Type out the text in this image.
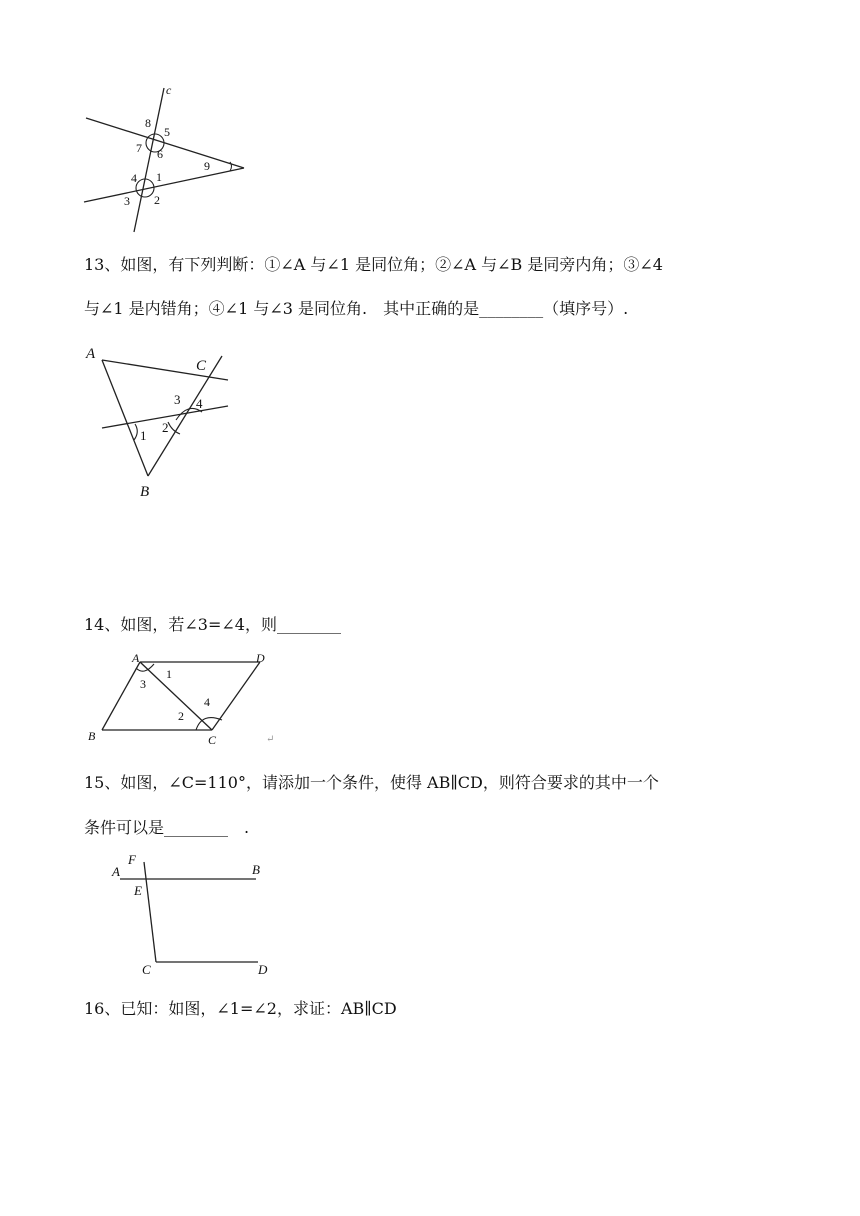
c
8
5
7 6
9
4 1
3 2
13、如图，有下列判断：①∠A 与∠1 是同位角；②∠A 与∠B 是同旁内角；③∠4
与∠1 是内错角；④∠1 与∠3 是同位角.　其中正确的是________（填序号）.
A
C
3 4
1
2
B
14、如图，若∠3=∠4，则________
A	D
3
1
4
2
B	C	↵
15、如图，∠C=110°，请添加一个条件，使得 AB∥CD，则符合要求的其中一个
条件可以是________　.
F
A	B
E
C	D
16、已知：如图，∠1=∠2，求证：AB∥CD
